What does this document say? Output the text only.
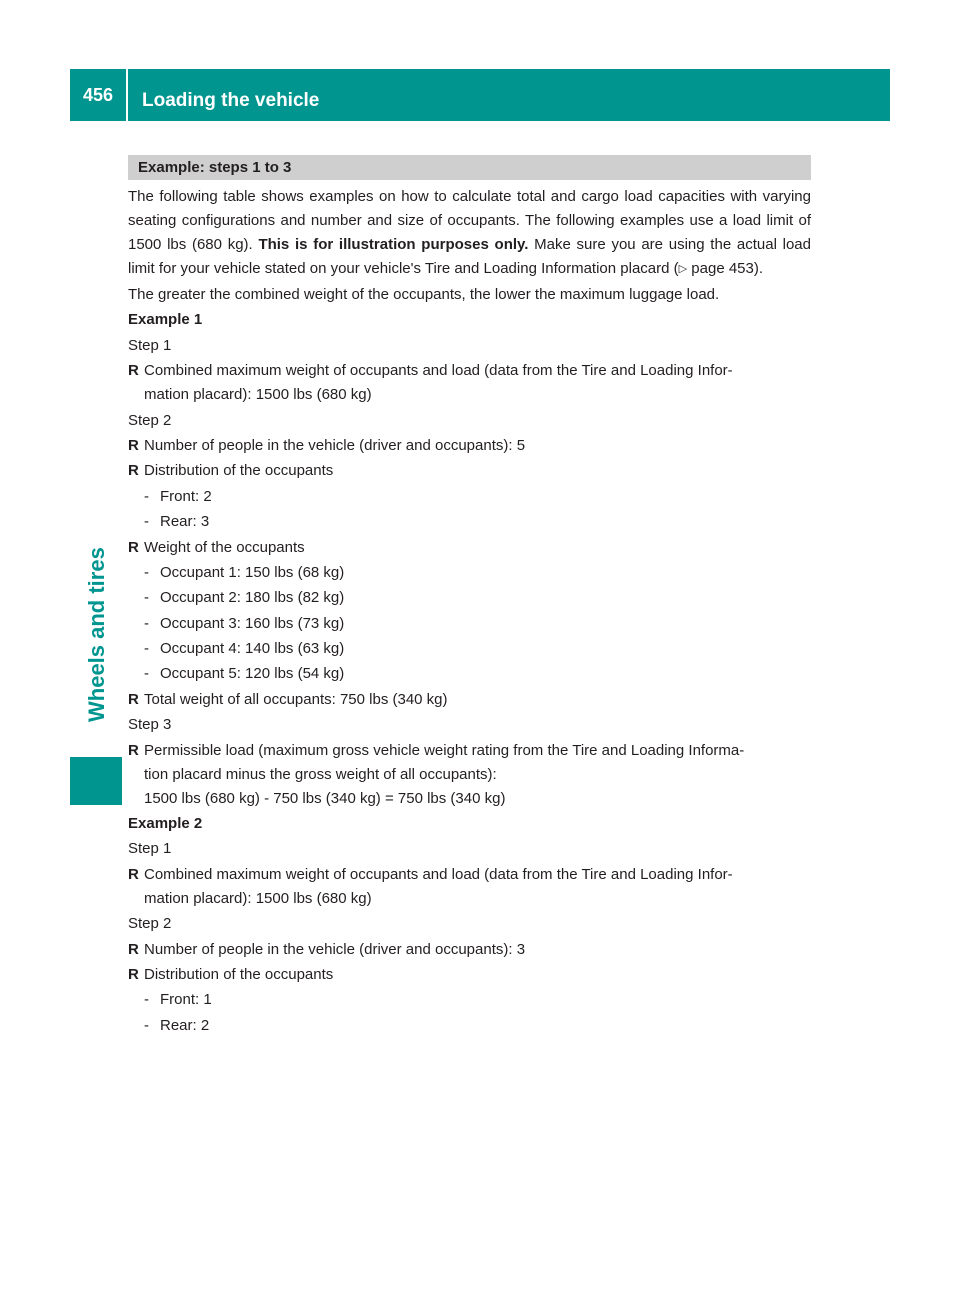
456	Loading the vehicle
Wheels and tires
Example: steps 1 to 3

The following table shows examples on how to calculate total and cargo load capacities with varying seating configurations and number and size of occupants. The following examples use a load limit of 1500 lbs (680 kg). This is for illustration purposes only. Make sure you are using the actual load limit for your vehicle stated on your vehicle's Tire and Loading Information placard (▷ page 453).

The greater the combined weight of the occupants, the lower the maximum luggage load.
Example 1
Step 1
R Combined maximum weight of occupants and load (data from the Tire and Loading Infor-
mation placard): 1500 lbs (680 kg)
Step 2
R Number of people in the vehicle (driver and occupants): 5
R Distribution of the occupants
- Front: 2
- Rear: 3
R Weight of the occupants
- Occupant 1: 150 lbs (68 kg)
- Occupant 2: 180 lbs (82 kg)
- Occupant 3: 160 lbs (73 kg)
- Occupant 4: 140 lbs (63 kg)
- Occupant 5: 120 lbs (54 kg)
R Total weight of all occupants: 750 lbs (340 kg)
Step 3
R Permissible load (maximum gross vehicle weight rating from the Tire and Loading Informa-
tion placard minus the gross weight of all occupants):
1500 lbs (680 kg) - 750 lbs (340 kg) = 750 lbs (340 kg)
Example 2
Step 1
R Combined maximum weight of occupants and load (data from the Tire and Loading Infor-
mation placard): 1500 lbs (680 kg)
Step 2
R Number of people in the vehicle (driver and occupants): 3
R Distribution of the occupants
- Front: 1
- Rear: 2
